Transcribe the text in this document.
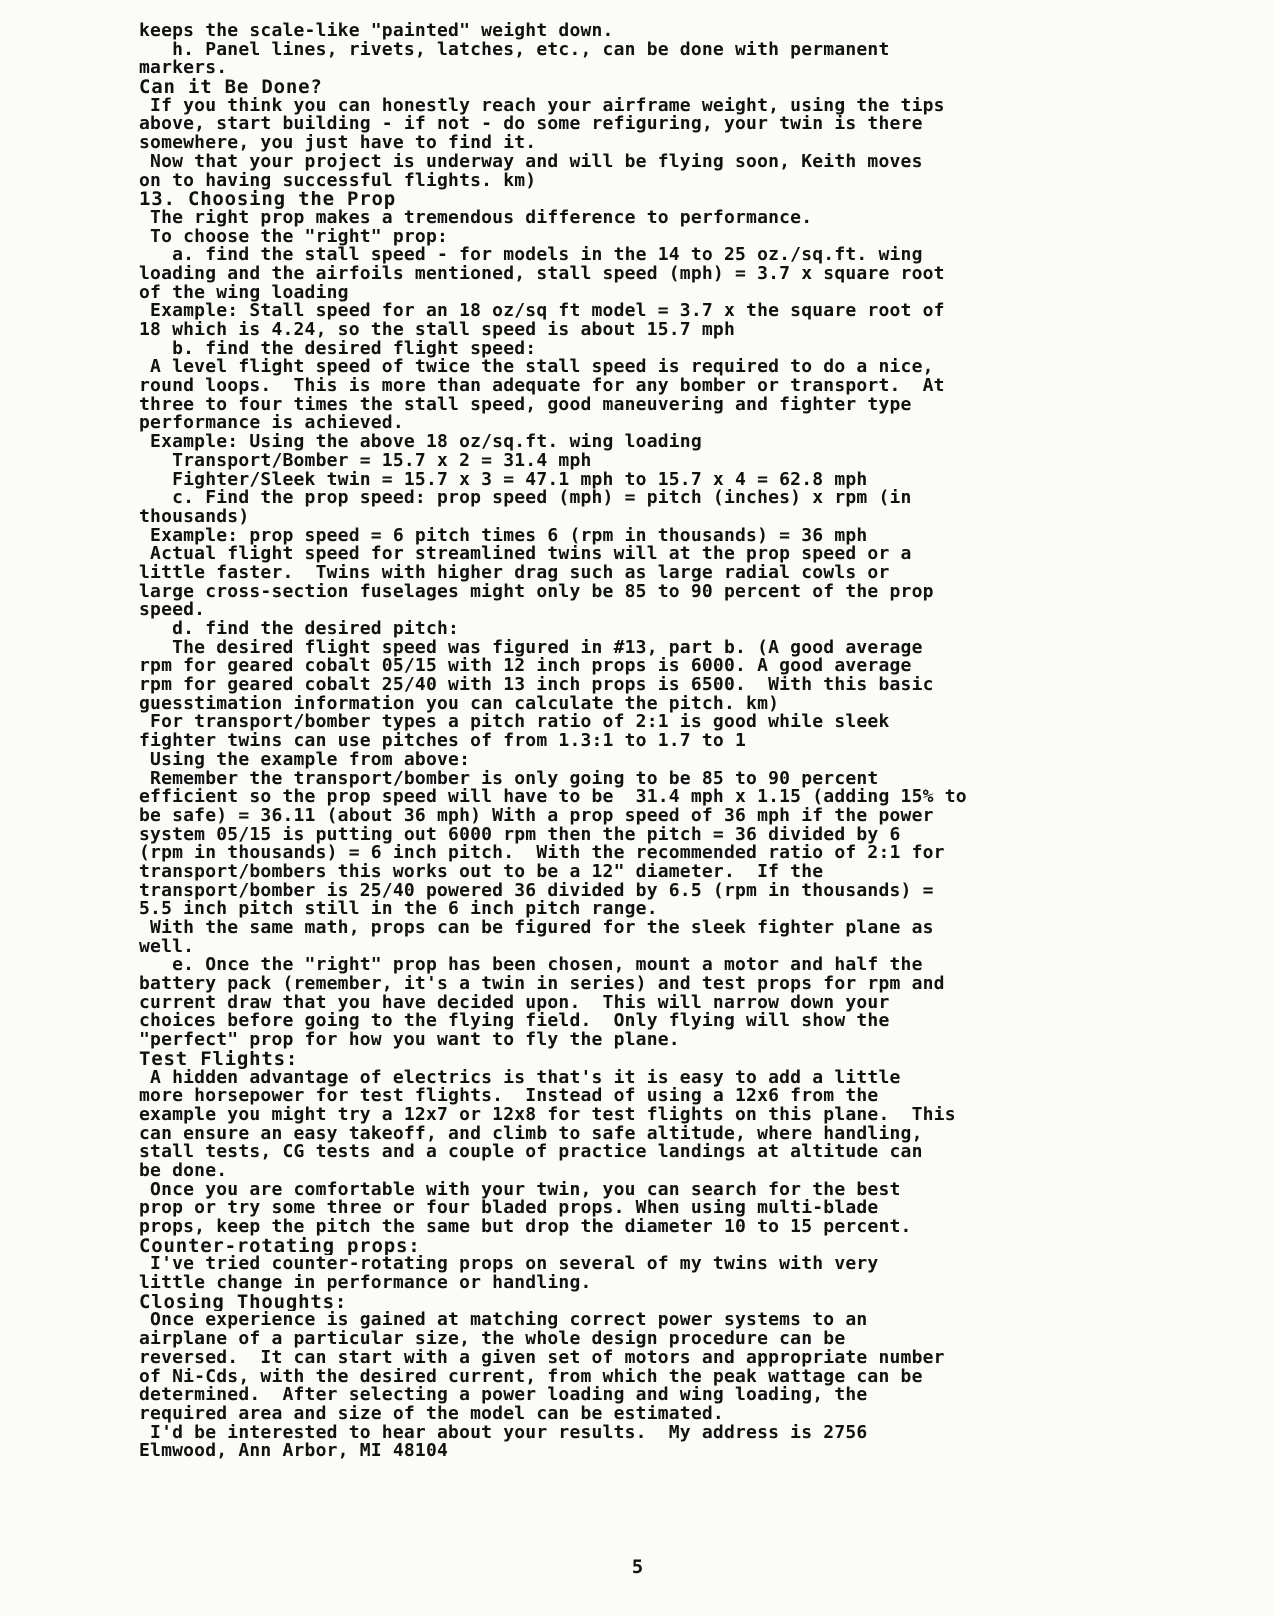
keeps the scale-like "painted" weight down.
h. Panel lines, rivets, latches, etc., can be done with permanent
markers.
Can it Be Done?
If you think you can honestly reach your airframe weight, using the tips
above, start building - if not - do some refiguring, your twin is there
somewhere, you just have to find it.
Now that your project is underway and will be flying soon, Keith moves
on to having successful flights. km)
13. Choosing the Prop
The right prop makes a tremendous difference to performance.
To choose the "right" prop:
a. find the stall speed - for models in the 14 to 25 oz./sq.ft. wing
loading and the airfoils mentioned, stall speed (mph) = 3.7 x square root
of the wing loading
Example: Stall speed for an 18 oz/sq ft model = 3.7 x the square root of
18 which is 4.24, so the stall speed is about 15.7 mph
b. find the desired flight speed:
A level flight speed of twice the stall speed is required to do a nice,
round loops.  This is more than adequate for any bomber or transport.  At
three to four times the stall speed, good maneuvering and fighter type
performance is achieved.
Example: Using the above 18 oz/sq.ft. wing loading
Transport/Bomber = 15.7 x 2 = 31.4 mph
Fighter/Sleek twin = 15.7 x 3 = 47.1 mph to 15.7 x 4 = 62.8 mph
c. Find the prop speed: prop speed (mph) = pitch (inches) x rpm (in
thousands)
Example: prop speed = 6 pitch times 6 (rpm in thousands) = 36 mph
Actual flight speed for streamlined twins will at the prop speed or a
little faster.  Twins with higher drag such as large radial cowls or
large cross-section fuselages might only be 85 to 90 percent of the prop
speed.
d. find the desired pitch:
The desired flight speed was figured in #13, part b. (A good average
rpm for geared cobalt 05/15 with 12 inch props is 6000. A good average
rpm for geared cobalt 25/40 with 13 inch props is 6500.  With this basic
guesstimation information you can calculate the pitch. km)
For transport/bomber types a pitch ratio of 2:1 is good while sleek
fighter twins can use pitches of from 1.3:1 to 1.7 to 1
Using the example from above:
Remember the transport/bomber is only going to be 85 to 90 percent
efficient so the prop speed will have to be  31.4 mph x 1.15 (adding 15% to
be safe) = 36.11 (about 36 mph) With a prop speed of 36 mph if the power
system 05/15 is putting out 6000 rpm then the pitch = 36 divided by 6
(rpm in thousands) = 6 inch pitch.  With the recommended ratio of 2:1 for
transport/bombers this works out to be a 12" diameter.  If the
transport/bomber is 25/40 powered 36 divided by 6.5 (rpm in thousands) =
5.5 inch pitch still in the 6 inch pitch range.
With the same math, props can be figured for the sleek fighter plane as
well.
e. Once the "right" prop has been chosen, mount a motor and half the
battery pack (remember, it's a twin in series) and test props for rpm and
current draw that you have decided upon.  This will narrow down your
choices before going to the flying field.  Only flying will show the
"perfect" prop for how you want to fly the plane.
Test Flights:
A hidden advantage of electrics is that's it is easy to add a little
more horsepower for test flights.  Instead of using a 12x6 from the
example you might try a 12x7 or 12x8 for test flights on this plane.  This
can ensure an easy takeoff, and climb to safe altitude, where handling,
stall tests, CG tests and a couple of practice landings at altitude can
be done.
Once you are comfortable with your twin, you can search for the best
prop or try some three or four bladed props. When using multi-blade
props, keep the pitch the same but drop the diameter 10 to 15 percent.
Counter-rotating props:
I've tried counter-rotating props on several of my twins with very
little change in performance or handling.
Closing Thoughts:
Once experience is gained at matching correct power systems to an
airplane of a particular size, the whole design procedure can be
reversed.  It can start with a given set of motors and appropriate number
of Ni-Cds, with the desired current, from which the peak wattage can be
determined.  After selecting a power loading and wing loading, the
required area and size of the model can be estimated.
I'd be interested to hear about your results.  My address is 2756
Elmwood, Ann Arbor, MI 48104
5
